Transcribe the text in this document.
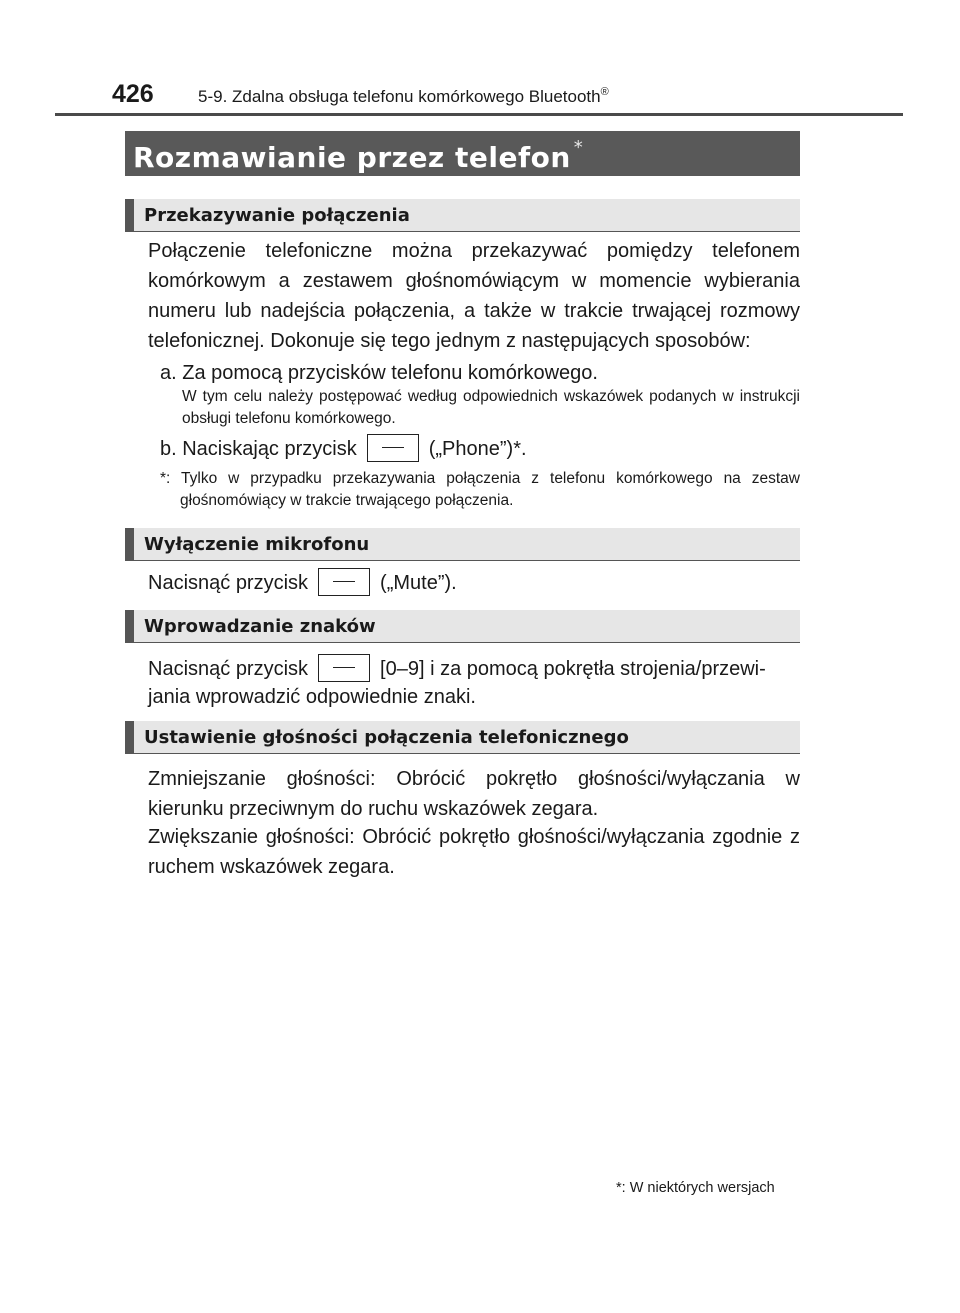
426	5-9. Zdalna obsługa telefonu komórkowego Bluetooth®
Rozmawianie przez telefon *
Przekazywanie połączenia
Połączenie telefoniczne można przekazywać pomiędzy telefonem komórkowym a zestawem głośnomówiącym w momencie wybierania numeru lub nadejścia połączenia, a także w trakcie trwającej rozmowy telefonicznej. Dokonuje się tego jednym z następujących sposobów:
a. Za pomocą przycisków telefonu komórkowego.
W tym celu należy postępować według odpowiednich wskazówek podanych w instrukcji obsługi telefonu komórkowego.
b. Naciskając przycisk	(„Phone”)*.
*: Tylko w przypadku przekazywania połączenia z telefonu komórkowego na zestaw głośnomówiący w trakcie trwającego połączenia.
Wyłączenie mikrofonu
Nacisnąć przycisk	(„Mute”).
Wprowadzanie znaków
Nacisnąć przycisk	[0–9] i za pomocą pokrętła strojenia/przewi-
jania wprowadzić odpowiednie znaki.
Ustawienie głośności połączenia telefonicznego
Zmniejszanie głośności: Obrócić pokrętło głośności/wyłączania w kierunku przeciwnym do ruchu wskazówek zegara.
Zwiększanie głośności: Obrócić pokrętło głośności/wyłączania zgodnie z ruchem wskazówek zegara.
*: W niektórych wersjach
